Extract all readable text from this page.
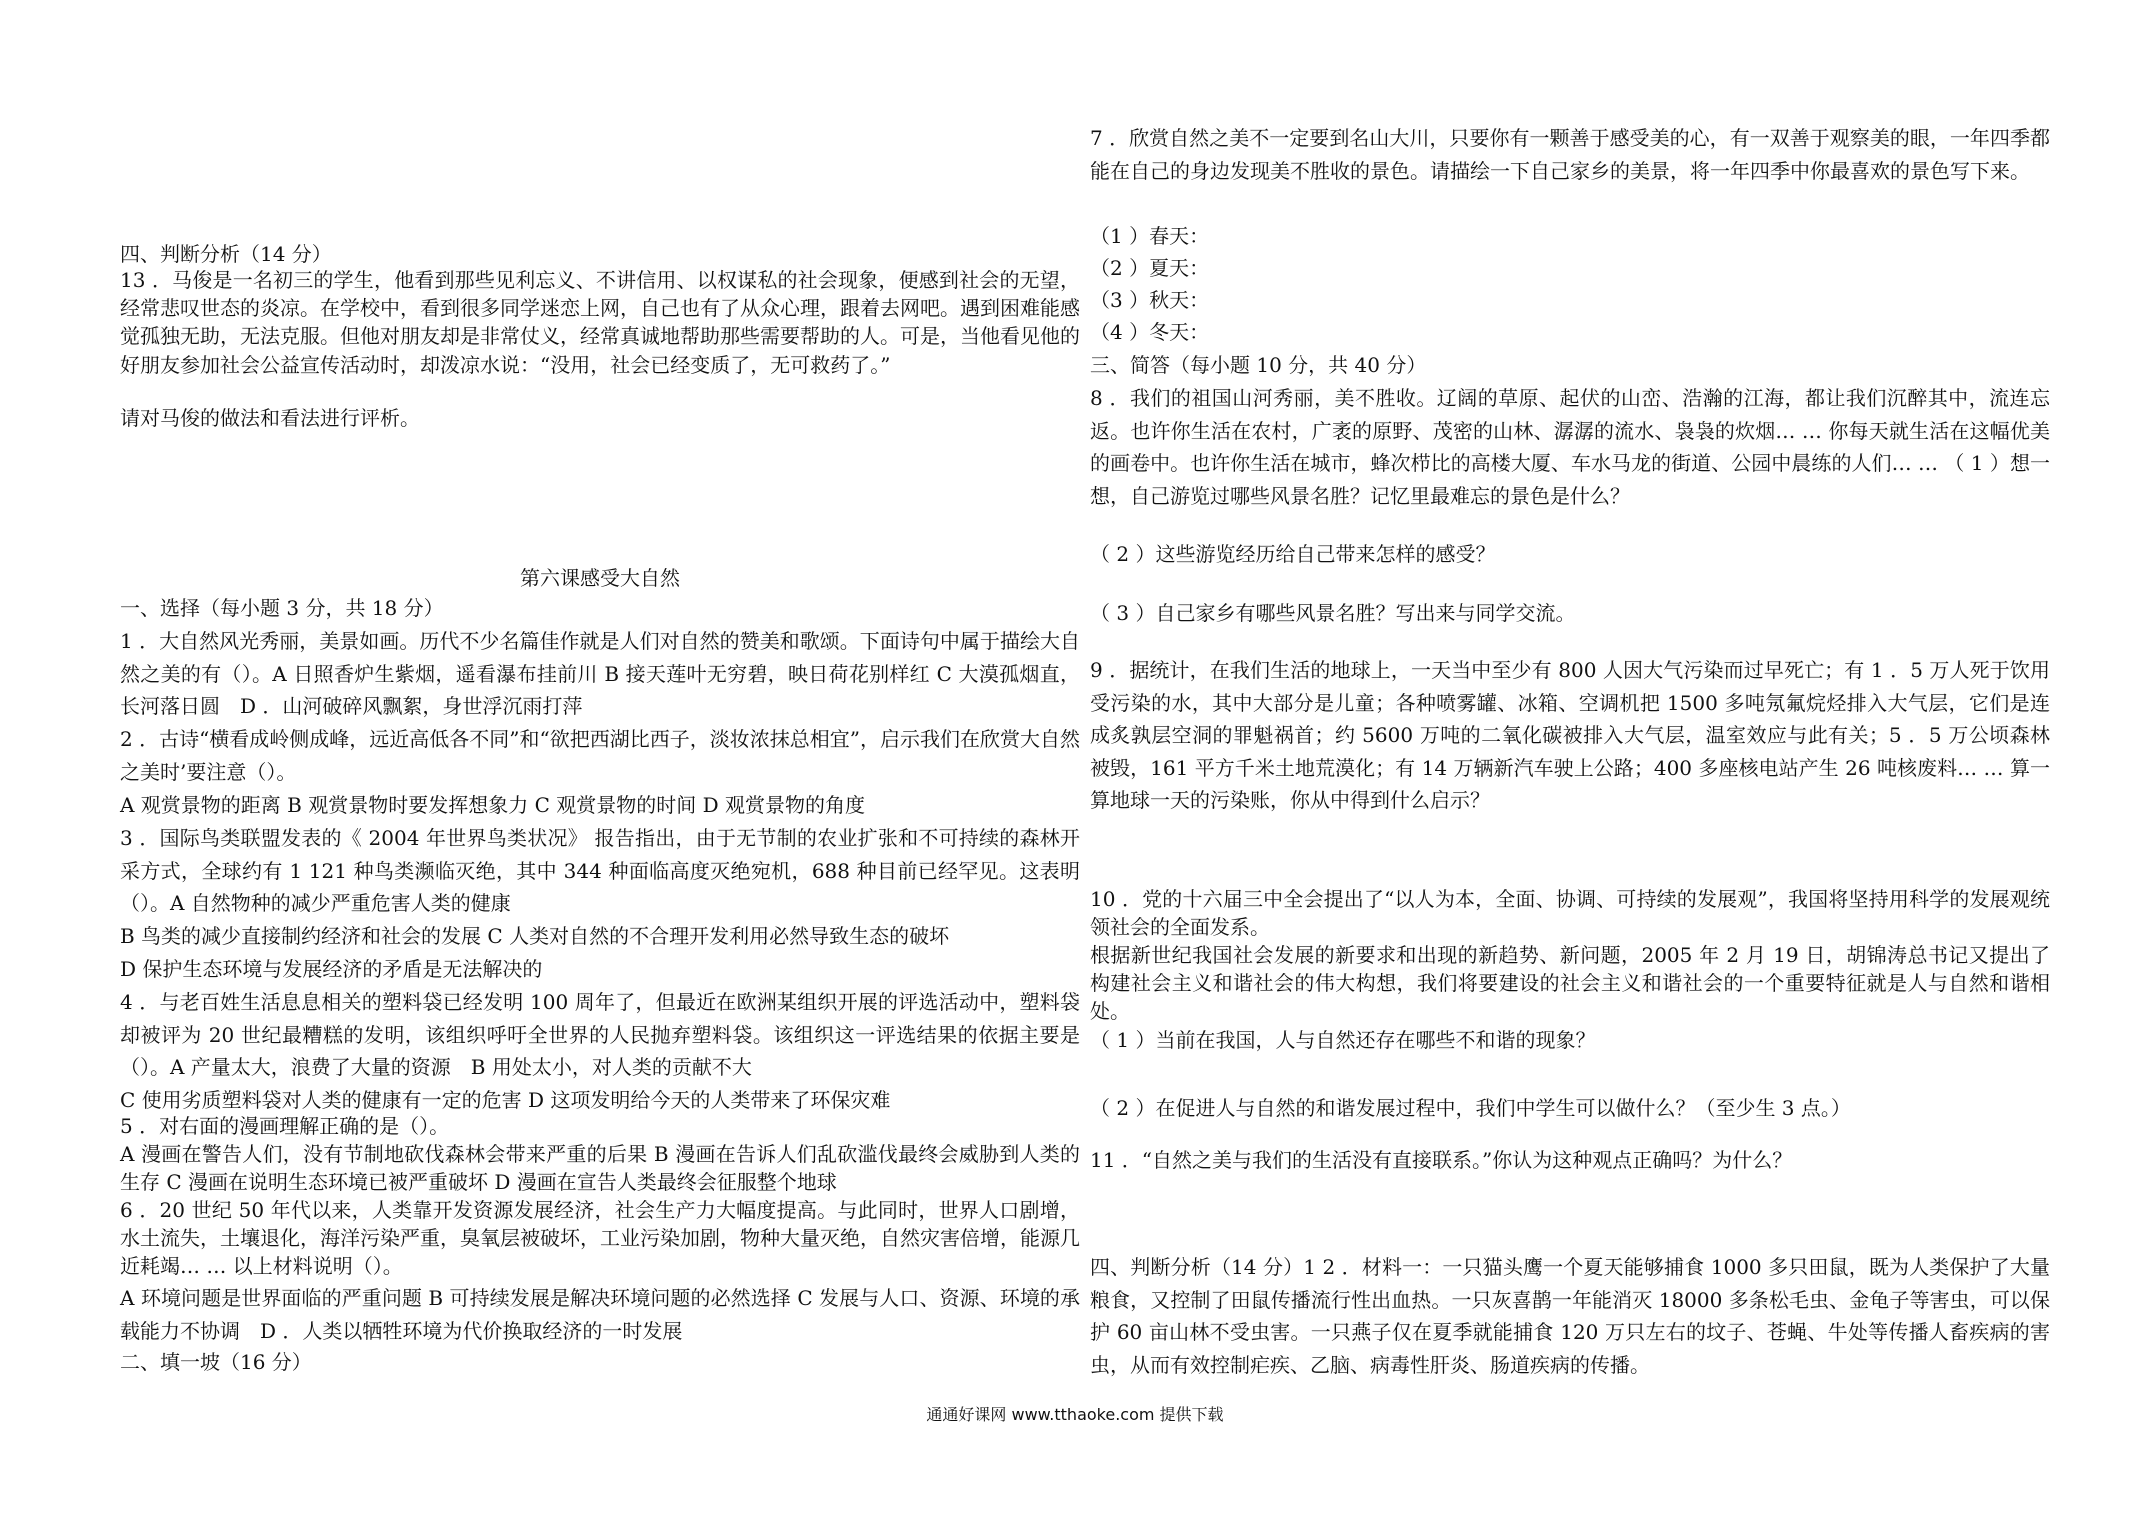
四、判断分析（14 分）
13 ．马俊是一名初三的学生，他看到那些见利忘义、不讲信用、以权谋私的社会现象，便感到社会的无望，经常悲叹世态的炎凉。在学校中，看到很多同学迷恋上网，自己也有了从众心理，跟着去网吧。遇到困难能感觉孤独无助，无法克服。但他对朋友却是非常仗义，经常真诚地帮助那些需要帮助的人。可是，当他看见他的好朋友参加社会公益宣传活动时，却泼凉水说：“没用，社会已经变质了，无可救药了。”
请对马俊的做法和看法进行评析。
第六课感受大自然
一、选择（每小题 3 分，共 18 分）
1 ．大自然风光秀丽，美景如画。历代不少名篇佳作就是人们对自然的赞美和歌颂。下面诗句中属于描绘大自然之美的有（）。A 日照香炉生紫烟，遥看瀑布挂前川 B 接天莲叶无穷碧，映日荷花别样红 C 大漠孤烟直，长河落日圆　D ．山河破碎风飘絮，身世浮沉雨打萍
2 ．古诗“横看成岭侧成峰，远近高低各不同”和“欲把西湖比西子，淡妆浓抹总相宜”，启示我们在欣赏大自然之美时’要注意（）。
A 观赏景物的距离 B 观赏景物时要发挥想象力 C 观赏景物的时间 D 观赏景物的角度
3 ．国际鸟类联盟发表的《 2004 年世界鸟类状况》 报告指出，由于无节制的农业扩张和不可持续的森林开采方式，全球约有 1 121 种鸟类濒临灭绝，其中 344 种面临高度灭绝宛机，688 种目前已经罕见。这表明（）。A 自然物种的减少严重危害人类的健康
B 鸟类的减少直接制约经济和社会的发展 C 人类对自然的不合理开发利用必然导致生态的破坏
D 保护生态环境与发展经济的矛盾是无法解决的
4 ．与老百姓生活息息相关的塑料袋已经发明 100 周年了，但最近在欧洲某组织开展的评选活动中，塑料袋却被评为 20 世纪最糟糕的发明，该组织呼吁全世界的人民抛弃塑料袋。该组织这一评选结果的依据主要是（）。A 产量太大，浪费了大量的资源　B 用处太小，对人类的贡献不大
C 使用劣质塑料袋对人类的健康有一定的危害 D 这项发明给今天的人类带来了环保灾难
5 ．对右面的漫画理解正确的是（）。
A 漫画在警告人们，没有节制地砍伐森林会带来严重的后果 B 漫画在告诉人们乱砍滥伐最终会威胁到人类的生存 C 漫画在说明生态环境已被严重破坏 D 漫画在宣告人类最终会征服整个地球
6 ．20 世纪 50 年代以来，人类靠开发资源发展经济，社会生产力大幅度提高。与此同时，世界人口剧增，水土流失，土壤退化，海洋污染严重，臭氧层被破坏，工业污染加剧，物种大量灭绝，自然灾害倍增，能源几近耗竭… … 以上材料说明（）。
A 环境问题是世界面临的严重问题 B 可持续发展是解决环境问题的必然选择 C 发展与人口、资源、环境的承载能力不协调　D ．人类以牺牲环境为代价换取经济的一时发展
二、填一坡（16 分）
7 ．欣赏自然之美不一定要到名山大川，只要你有一颗善于感受美的心，有一双善于观察美的眼，一年四季都能在自己的身边发现美不胜收的景色。请描绘一下自己家乡的美景，将一年四季中你最喜欢的景色写下来。
（1 ）春天：
（2 ）夏天：
（3 ）秋天：
（4 ）冬天：
三、简答（每小题 10 分，共 40 分）
8 ．我们的祖国山河秀丽，美不胜收。辽阔的草原、起伏的山峦、浩瀚的江海，都让我们沉醉其中，流连忘返。也许你生活在农村，广袤的原野、茂密的山林、潺潺的流水、袅袅的炊烟… … 你每天就生活在这幅优美的画卷中。也许你生活在城市，蜂次栉比的高楼大厦、车水马龙的街道、公园中晨练的人们… … （ 1 ）想一想，自己游览过哪些风景名胜？记忆里最难忘的景色是什么？
（ 2 ）这些游览经历给自己带来怎样的感受？
（ 3 ）自己家乡有哪些风景名胜？写出来与同学交流。
9 ．据统计，在我们生活的地球上，一天当中至少有 800 人因大气污染而过早死亡；有 1 ．5 万人死于饮用受污染的水，其中大部分是儿童；各种喷雾罐、冰箱、空调机把 1500 多吨氖氟烷烃排入大气层，它们是连成炙孰层空洞的罪魁祸首；约 5600 万吨的二氧化碳被排入大气层，温室效应与此有关；5 ．5 万公顷森林被毁，161 平方千米土地荒漠化；有 14 万辆新汽车驶上公路；400 多座核电站产生 26 吨核废料… … 算一算地球一天的污染账，你从中得到什么启示？
10 ．党的十六届三中全会提出了“以人为本，全面、协调、可持续的发展观”，我国将坚持用科学的发展观统领社会的全面发系。
根据新世纪我国社会发展的新要求和出现的新趋势、新问题，2005 年 2 月 19 日，胡锦涛总书记又提出了构建社会主义和谐社会的伟大构想，我们将要建设的社会主义和谐社会的一个重要特征就是人与自然和谐相处。
（ 1 ）当前在我国，人与自然还存在哪些不和谐的现象？
（ 2 ）在促进人与自然的和谐发展过程中，我们中学生可以做什么？（至少生 3 点。）
11 ．“自然之美与我们的生活没有直接联系。”你认为这种观点正确吗？为什么？
四、判断分析（14 分）1 2 ．材料一：一只猫头鹰一个夏天能够捕食 1000 多只田鼠，既为人类保护了大量粮食，又控制了田鼠传播流行性出血热。一只灰喜鹊一年能消灭 18000 多条松毛虫、金龟子等害虫，可以保护 60 亩山林不受虫害。一只燕子仅在夏季就能捕食 120 万只左右的坟子、苍蝇、牛处等传播人畜疾病的害虫，从而有效控制疟疾、乙脑、病毒性肝炎、肠道疾病的传播。
通通好课网 www.tthaoke.com 提供下载
